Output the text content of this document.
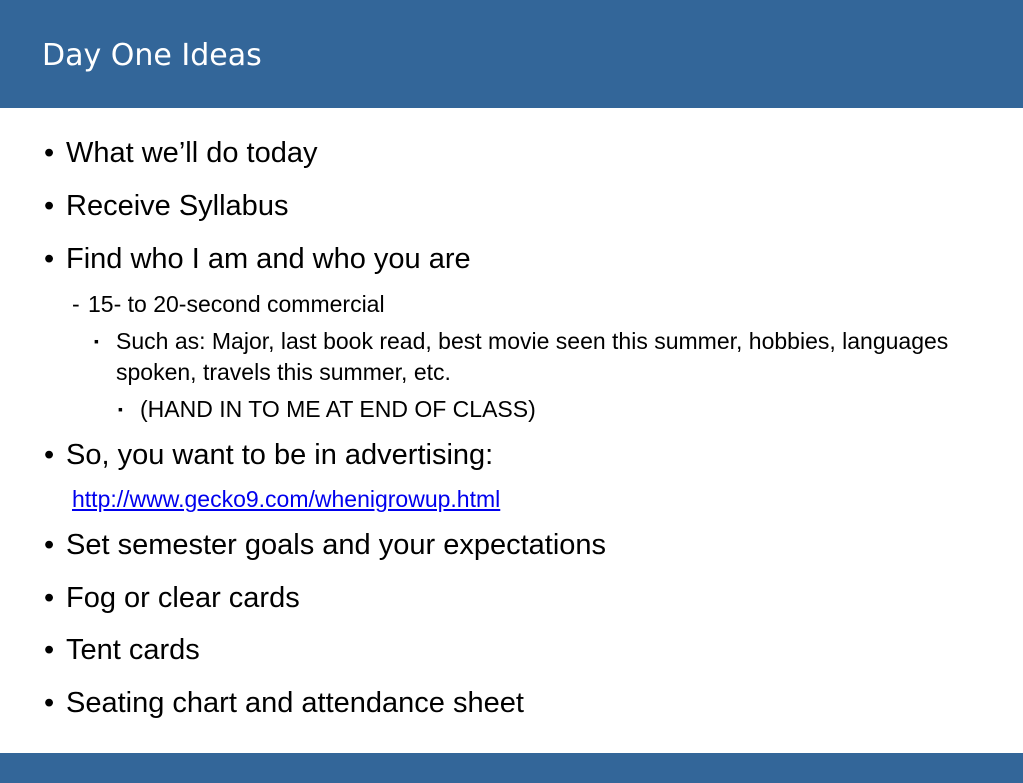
Day One Ideas
• What we’ll do today
• Receive Syllabus
• Find who I am and who you are
- 15- to 20-second commercial
▪ Such as: Major, last book read, best movie seen this summer, hobbies, languages spoken, travels this summer, etc.
▪ (HAND IN TO ME AT END OF CLASS)
• So, you want to be in advertising:
http://www.gecko9.com/whenigrowup.html
• Set semester goals and your expectations
• Fog or clear cards
• Tent cards
• Seating chart and attendance sheet
